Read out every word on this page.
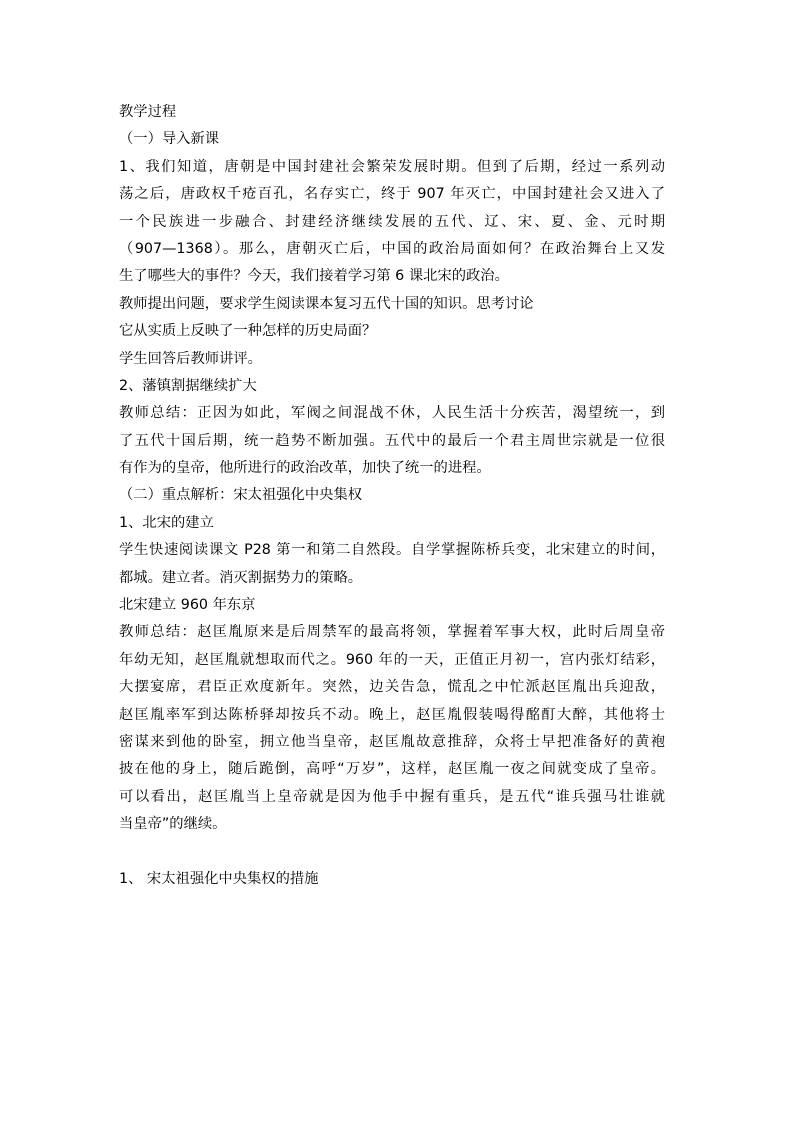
教学过程
（一）导入新课
1、我们知道，唐朝是中国封建社会繁荣发展时期。但到了后期，经过一系列动
荡之后，唐政权千疮百孔，名存实亡，终于 907 年灭亡，中国封建社会又进入了
一个民族进一步融合、封建经济继续发展的五代、辽、宋、夏、金、元时期
（907—1368）。那么，唐朝灭亡后，中国的政治局面如何？在政治舞台上又发
生了哪些大的事件？今天，我们接着学习第 6 课北宋的政治。
教师提出问题，要求学生阅读课本复习五代十国的知识。思考讨论
它从实质上反映了一种怎样的历史局面？
学生回答后教师讲评。
2、藩镇割据继续扩大
教师总结：正因为如此，军阀之间混战不休，人民生活十分疾苦，渴望统一，到
了五代十国后期，统一趋势不断加强。五代中的最后一个君主周世宗就是一位很
有作为的皇帝，他所进行的政治改革，加快了统一的进程。
（二）重点解析：宋太祖强化中央集权
1、北宋的建立
学生快速阅读课文 P28 第一和第二自然段。自学掌握陈桥兵变，北宋建立的时间，
都城。建立者。消灭割据势力的策略。
北宋建立 960 年东京
教师总结：赵匡胤原来是后周禁军的最高将领，掌握着军事大权，此时后周皇帝
年幼无知，赵匡胤就想取而代之。960 年的一天，正值正月初一，宫内张灯结彩，
大摆宴席，君臣正欢度新年。突然，边关告急，慌乱之中忙派赵匡胤出兵迎敌，
赵匡胤率军到达陈桥驿却按兵不动。晚上，赵匡胤假装喝得酩酊大醉，其他将士
密谋来到他的卧室，拥立他当皇帝，赵匡胤故意推辞，众将士早把准备好的黄袍
披在他的身上，随后跪倒，高呼“万岁”，这样，赵匡胤一夜之间就变成了皇帝。
可以看出，赵匡胤当上皇帝就是因为他手中握有重兵，是五代“谁兵强马壮谁就
当皇帝”的继续。
1、 宋太祖强化中央集权的措施
